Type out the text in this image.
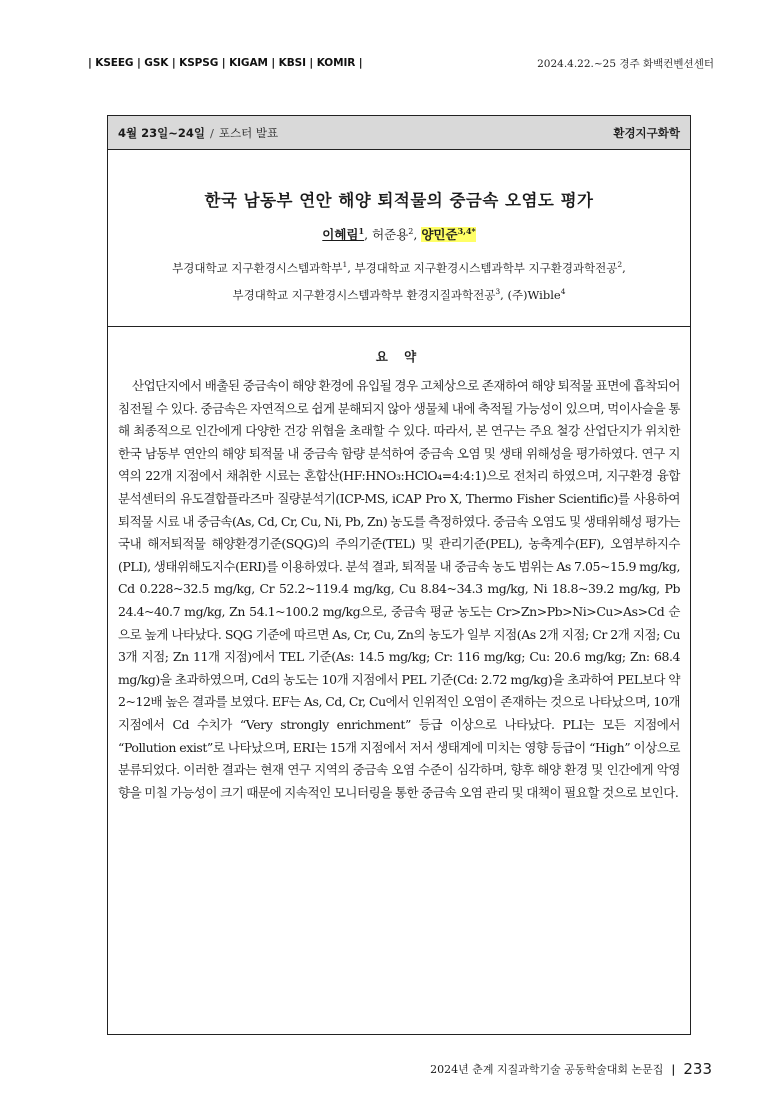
| KSEEG | GSK | KSPSG | KIGAM | KBSI | KOMIR |	2024.4.22.~25 경주 화백컨벤션센터
4월 23일~24일 / 포스터 발표	환경지구화학
한국 남동부 연안 해양 퇴적물의 중금속 오염도 평가
이혜림$^1$, 허준용$^2$, 양민준$^{3,4*}$
부경대학교 지구환경시스템과학부$^1$, 부경대학교 지구환경시스템과학부 지구환경과학전공$^2$,
부경대학교 지구환경시스템과학부 환경지질과학전공$^3$, (주)Wible$^4$
요 약

산업단지에서 배출된 중금속이 해양 환경에 유입될 경우 고체상으로 존재하여 해양 퇴적물 표면에 흡착되어 침전될 수 있다. 중금속은 자연적으로 쉽게 분해되지 않아 생물체 내에 축적될 가능성이 있으며, 먹이사슬을 통해 최종적으로 인간에게 다양한 건강 위협을 초래할 수 있다. 따라서, 본 연구는 주요 철강 산업단지가 위치한 한국 남동부 연안의 해양 퇴적물 내 중금속 함량 분석하여 중금속 오염 및 생태 위해성을 평가하였다. 연구 지역의 22개 지점에서 채취한 시료는 혼합산(HF:HNO₃:HClO₄=4:4:1)으로 전처리 하였으며, 지구환경 융합분석센터의 유도결합플라즈마 질량분석기(ICP-MS, iCAP Pro X, Thermo Fisher Scientific)를 사용하여 퇴적물 시료 내 중금속(As, Cd, Cr, Cu, Ni, Pb, Zn) 농도를 측정하였다. 중금속 오염도 및 생태위해성 평가는 국내 해저퇴적물 해양환경기준(SQG)의 주의기준(TEL) 및 관리기준(PEL), 농축계수(EF), 오염부하지수(PLI), 생태위해도지수(ERI)를 이용하였다. 분석 결과, 퇴적물 내 중금속 농도 범위는 As 7.05~15.9 mg/kg, Cd 0.228~32.5 mg/kg, Cr 52.2~119.4 mg/kg, Cu 8.84~34.3 mg/kg, Ni 18.8~39.2 mg/kg, Pb 24.4~40.7 mg/kg, Zn 54.1~100.2 mg/kg으로, 중금속 평균 농도는 Cr>Zn>Pb>Ni>Cu>As>Cd 순으로 높게 나타났다. SQG 기준에 따르면 As, Cr, Cu, Zn의 농도가 일부 지점(As 2개 지점; Cr 2개 지점; Cu 3개 지점; Zn 11개 지점)에서 TEL 기준(As: 14.5 mg/kg; Cr: 116 mg/kg; Cu: 20.6 mg/kg; Zn: 68.4 mg/kg)을 초과하였으며, Cd의 농도는 10개 지점에서 PEL 기준(Cd: 2.72 mg/kg)을 초과하여 PEL보다 약 2~12배 높은 결과를 보였다. EF는 As, Cd, Cr, Cu에서 인위적인 오염이 존재하는 것으로 나타났으며, 10개 지점에서 Cd 수치가 “Very strongly enrichment” 등급 이상으로 나타났다. PLI는 모든 지점에서 “Pollution exist”로 나타났으며, ERI는 15개 지점에서 저서 생태계에 미치는 영향 등급이 “High” 이상으로 분류되었다. 이러한 결과는 현재 연구 지역의 중금속 오염 수준이 심각하며, 향후 해양 환경 및 인간에게 악영향을 미칠 가능성이 크기 때문에 지속적인 모니터링을 통한 중금속 오염 관리 및 대책이 필요할 것으로 보인다.

2024년 춘계 지질과학기술 공동학술대회 논문집 | 233
